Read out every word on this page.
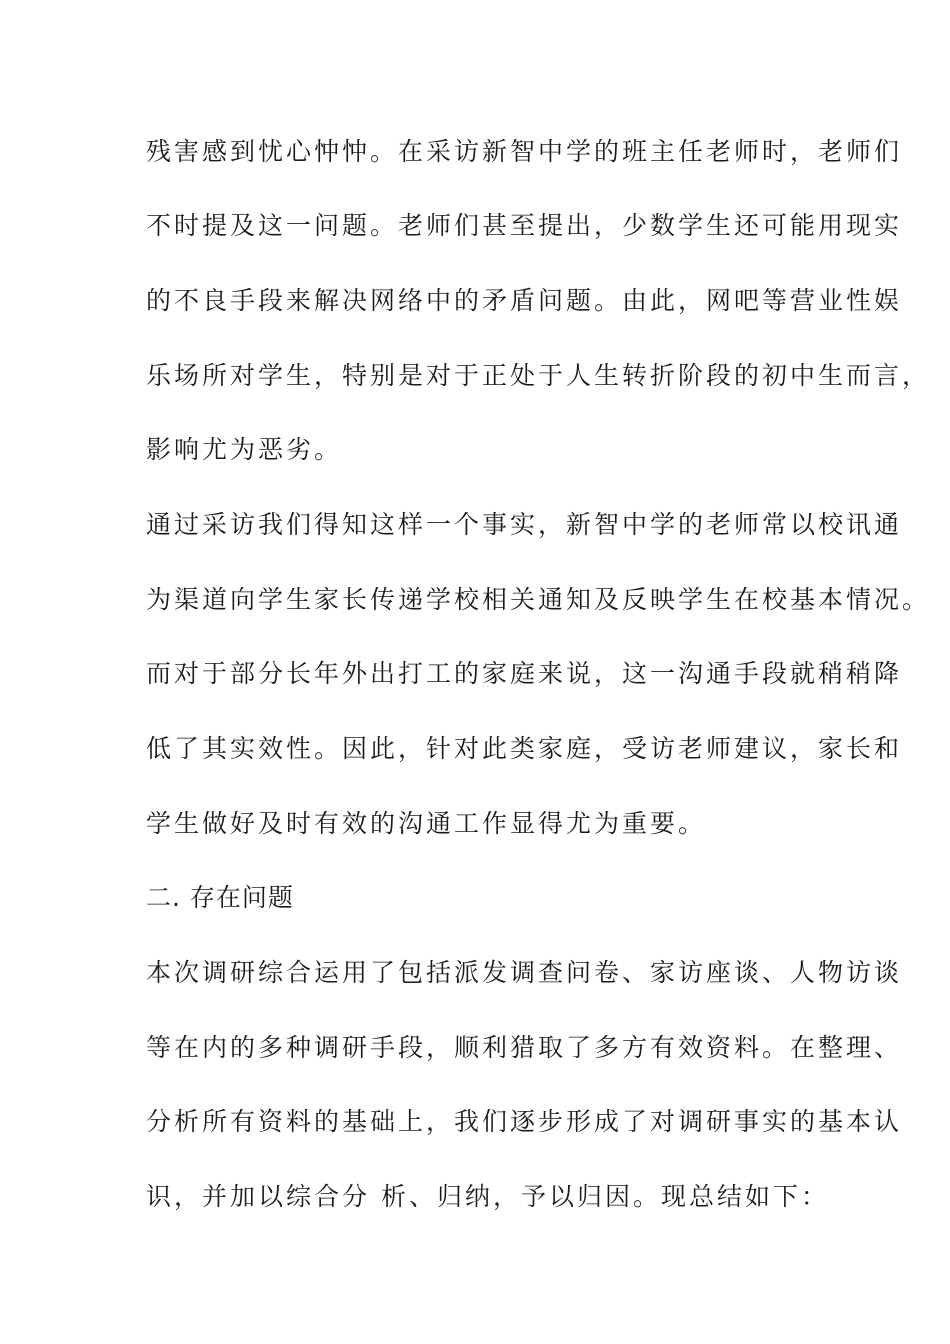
残害感到忧心忡忡。在采访新智中学的班主任老师时，老师们
不时提及这一问题。老师们甚至提出，少数学生还可能用现实
的不良手段来解决网络中的矛盾问题。由此，网吧等营业性娱
乐场所对学生，特别是对于正处于人生转折阶段的初中生而言，
影响尤为恶劣。
通过采访我们得知这样一个事实，新智中学的老师常以校讯通
为渠道向学生家长传递学校相关通知及反映学生在校基本情况。
而对于部分长年外出打工的家庭来说，这一沟通手段就稍稍降
低了其实效性。因此，针对此类家庭，受访老师建议，家长和
学生做好及时有效的沟通工作显得尤为重要。
二. 存在问题
本次调研综合运用了包括派发调查问卷、家访座谈、人物访谈
等在内的多种调研手段，顺利猎取了多方有效资料。在整理、
分析所有资料的基础上，我们逐步形成了对调研事实的基本认
识，并加以综合分 析、归纳，予以归因。现总结如下：
